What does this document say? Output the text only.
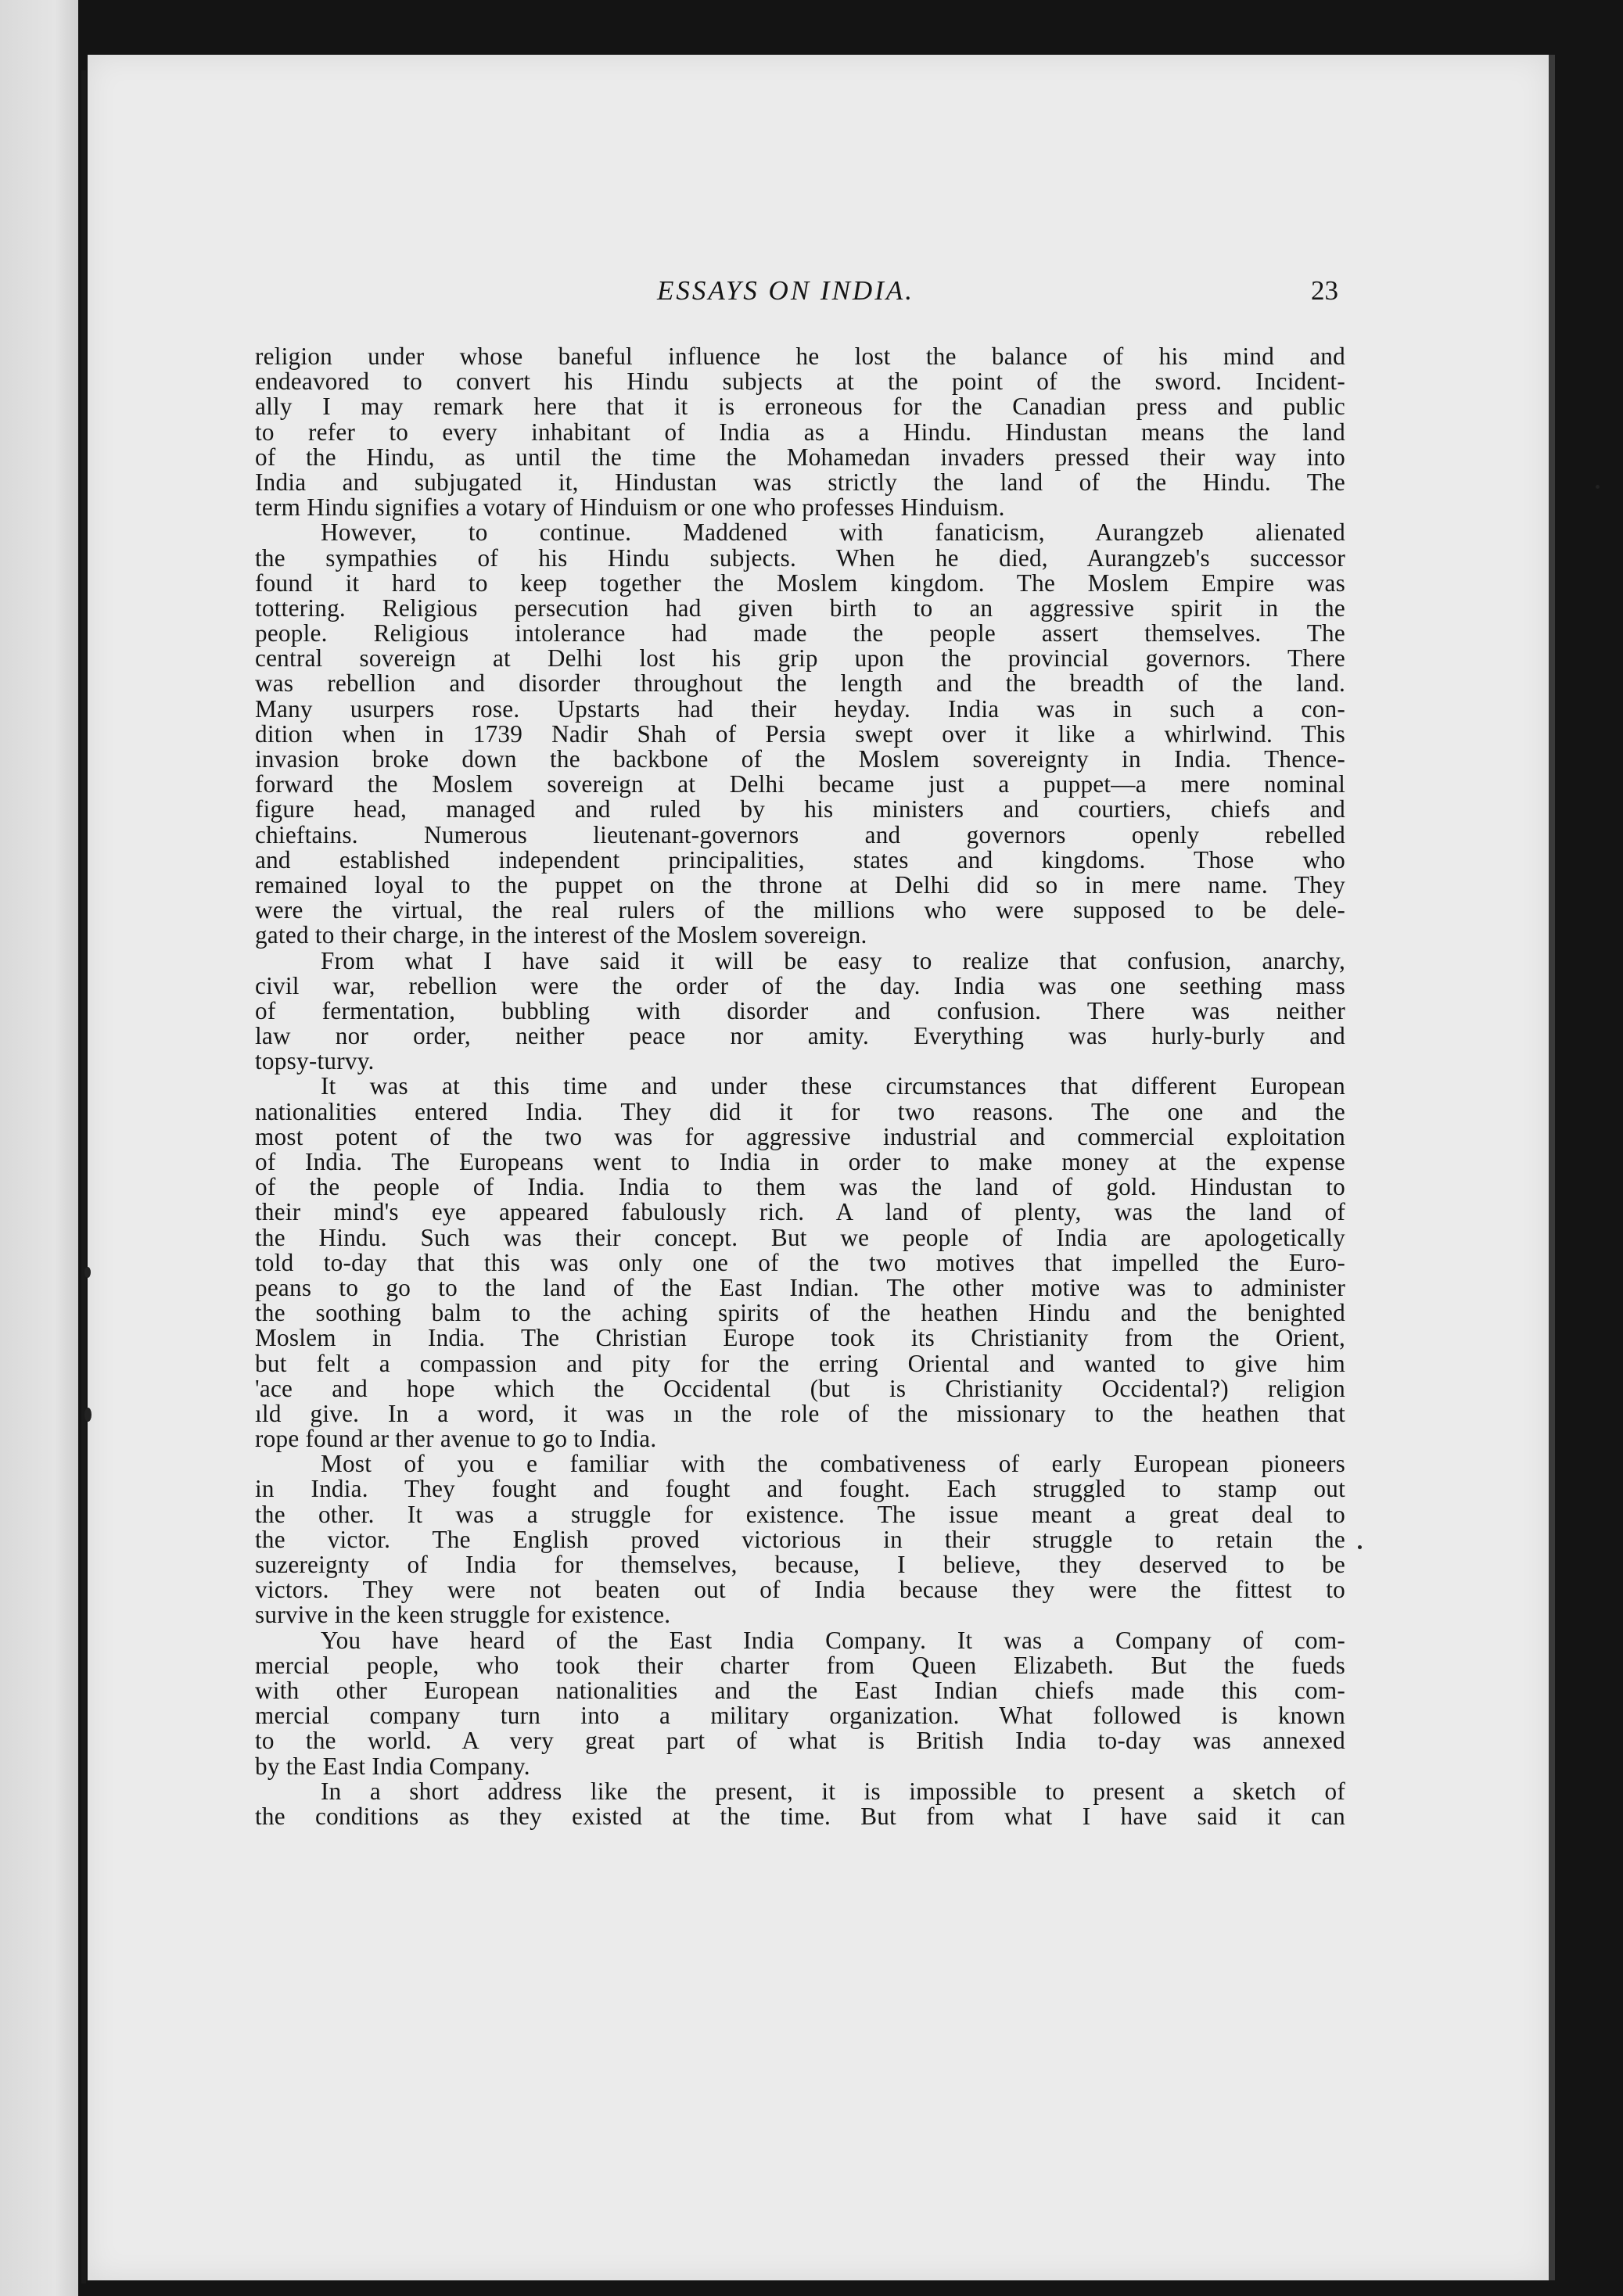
ESSAYS ON INDIA.	23
religion under whose baneful influence he lost the balance of his mind and
endeavored to convert his Hindu subjects at the point of the sword. Incident-
ally I may remark here that it is erroneous for the Canadian press and public
to refer to every inhabitant of India as a Hindu. Hindustan means the land
of the Hindu, as until the time the Mohamedan invaders pressed their way into
India and subjugated it, Hindustan was strictly the land of the Hindu. The
term Hindu signifies a votary of Hinduism or one who professes Hinduism.
However, to continue. Maddened with fanaticism, Aurangzeb alienated
the sympathies of his Hindu subjects. When he died, Aurangzeb's successor
found it hard to keep together the Moslem kingdom. The Moslem Empire was
tottering. Religious persecution had given birth to an aggressive spirit in the
people. Religious intolerance had made the people assert themselves. The
central sovereign at Delhi lost his grip upon the provincial governors. There
was rebellion and disorder throughout the length and the breadth of the land.
Many usurpers rose. Upstarts had their heyday. India was in such a con-
dition when in 1739 Nadir Shah of Persia swept over it like a whirlwind. This
invasion broke down the backbone of the Moslem sovereignty in India. Thence-
forward the Moslem sovereign at Delhi became just a puppet—a mere nominal
figure head, managed and ruled by his ministers and courtiers, chiefs and
chieftains. Numerous lieutenant-governors and governors openly rebelled
and established independent principalities, states and kingdoms. Those who
remained loyal to the puppet on the throne at Delhi did so in mere name. They
were the virtual, the real rulers of the millions who were supposed to be dele-
gated to their charge, in the interest of the Moslem sovereign.
From what I have said it will be easy to realize that confusion, anarchy,
civil war, rebellion were the order of the day. India was one seething mass
of fermentation, bubbling with disorder and confusion. There was neither
law nor order, neither peace nor amity. Everything was hurly-burly and
topsy-turvy.
It was at this time and under these circumstances that different European
nationalities entered India. They did it for two reasons. The one and the
most potent of the two was for aggressive industrial and commercial exploitation
of India. The Europeans went to India in order to make money at the expense
of the people of India. India to them was the land of gold. Hindustan to
their mind's eye appeared fabulously rich. A land of plenty, was the land of
the Hindu. Such was their concept. But we people of India are apologetically
told to-day that this was only one of the two motives that impelled the Euro-
peans to go to the land of the East Indian. The other motive was to administer
the soothing balm to the aching spirits of the heathen Hindu and the benighted
Moslem in India. The Christian Europe took its Christianity from the Orient,
but felt a compassion and pity for the erring Oriental and wanted to give him
'ace and hope which the Occidental (but is Christianity Occidental?) religion
ıld give. In a word, it was ın the role of the missionary to the heathen that
rope found ar ther avenue to go to India.
Most of you e familiar with the combativeness of early European pioneers
in India. They fought and fought and fought. Each struggled to stamp out
the other. It was a struggle for existence. The issue meant a great deal to
the victor. The English proved victorious in their struggle to retain the
suzereignty of India for themselves, because, I believe, they deserved to be
victors. They were not beaten out of India because they were the fittest to
survive in the keen struggle for existence.
You have heard of the East India Company. It was a Company of com-
mercial people, who took their charter from Queen Elizabeth. But the fueds
with other European nationalities and the East Indian chiefs made this com-
mercial company turn into a military organization. What followed is known
to the world. A very great part of what is British India to-day was annexed
by the East India Company.
In a short address like the present, it is impossible to present a sketch of
the conditions as they existed at the time. But from what I have said it can
